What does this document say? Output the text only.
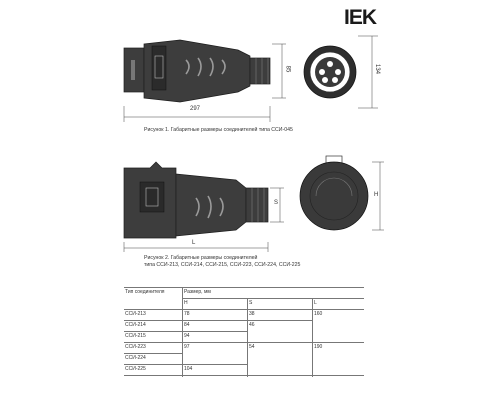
IEK
297
85	134
Рисунок 1. Габаритные размеры соединителей типа ССИ-045
L
S
H
Рисунок 2. Габаритные размеры соединителей
типа ССИ-213, ССИ-214, ССИ-215, ССИ-223, ССИ-224, ССИ-225
Тип соединителя	Размер, мм		
	H	S	L
ССИ-213	78	38	160
ССИ-214	84	46	
ССИ-215	94		
ССИ-223	97	54	190
ССИ-224			
ССИ-225	104		
